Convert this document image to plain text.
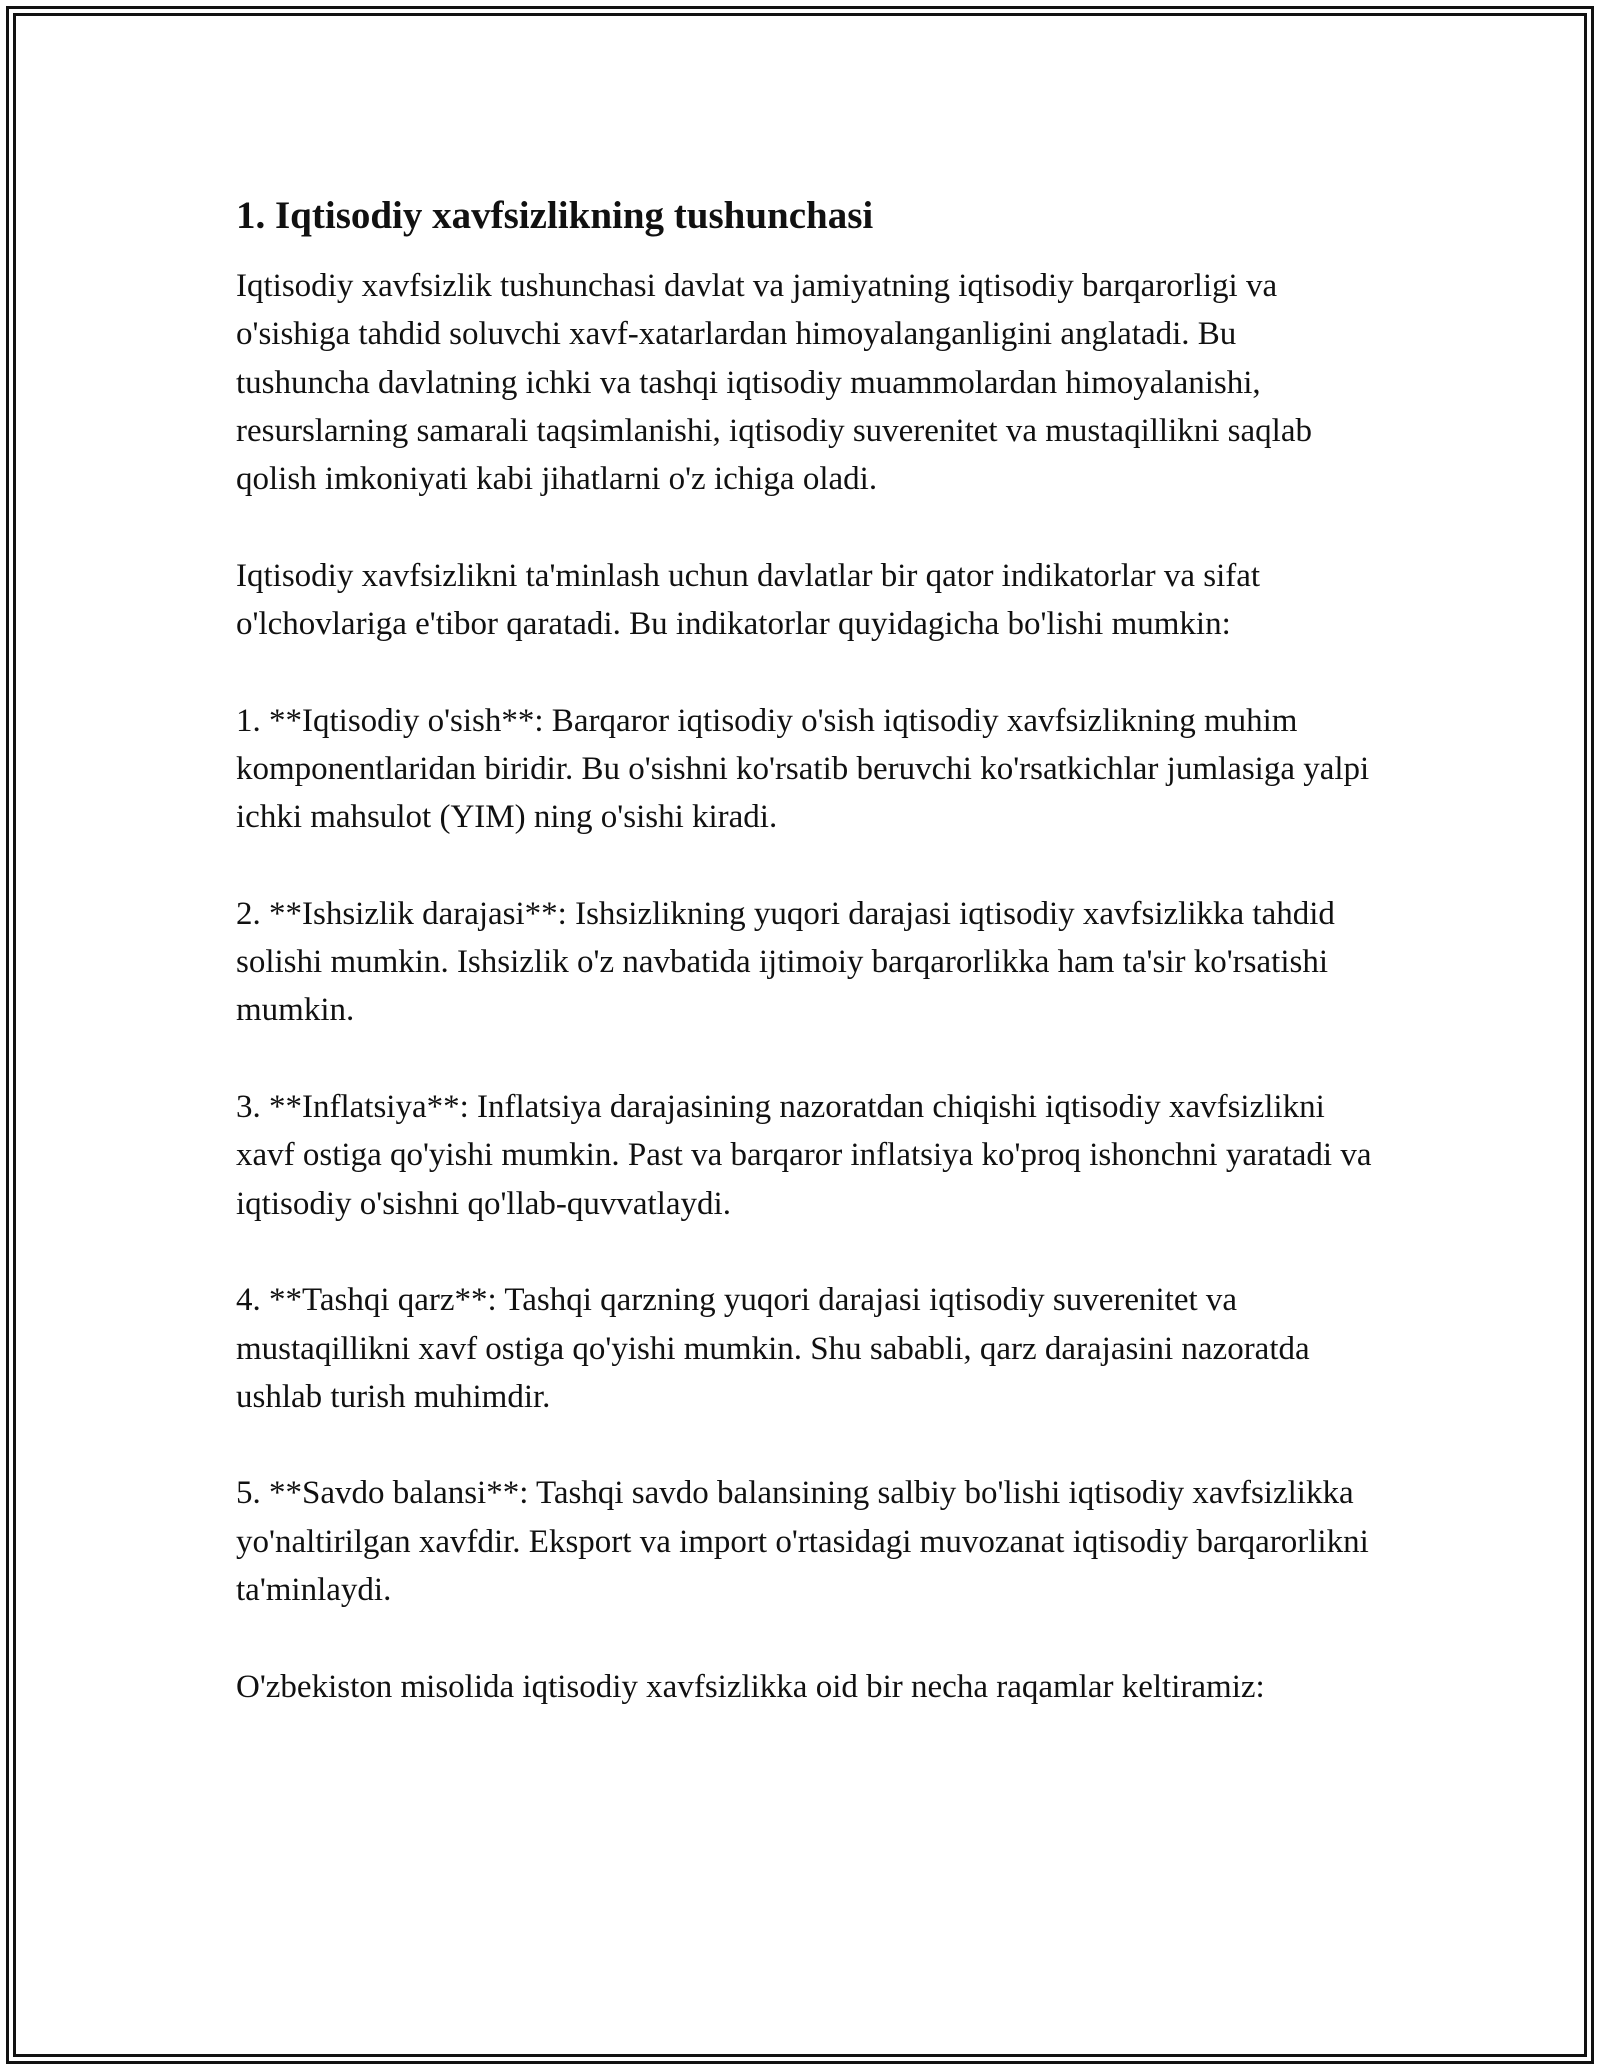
1. Iqtisodiy xavfsizlikning tushunchasi

Iqtisodiy xavfsizlik tushunchasi davlat va jamiyatning iqtisodiy barqarorligi va o'sishiga tahdid soluvchi xavf-xatarlardan himoyalanganligini anglatadi. Bu tushuncha davlatning ichki va tashqi iqtisodiy muammolardan himoyalanishi, resurslarning samarali taqsimlanishi, iqtisodiy suverenitet va mustaqillikni saqlab qolish imkoniyati kabi jihatlarni o'z ichiga oladi.

Iqtisodiy xavfsizlikni ta'minlash uchun davlatlar bir qator indikatorlar va sifat o'lchovlariga e'tibor qaratadi. Bu indikatorlar quyidagicha bo'lishi mumkin:

1. **Iqtisodiy o'sish**: Barqaror iqtisodiy o'sish iqtisodiy xavfsizlikning muhim komponentlaridan biridir. Bu o'sishni ko'rsatib beruvchi ko'rsatkichlar jumlasiga yalpi ichki mahsulot (YIM) ning o'sishi kiradi.

2. **Ishsizlik darajasi**: Ishsizlikning yuqori darajasi iqtisodiy xavfsizlikka tahdid solishi mumkin. Ishsizlik o'z navbatida ijtimoiy barqarorlikka ham ta'sir ko'rsatishi mumkin.

3. **Inflatsiya**: Inflatsiya darajasining nazoratdan chiqishi iqtisodiy xavfsizlikni xavf ostiga qo'yishi mumkin. Past va barqaror inflatsiya ko'proq ishonchni yaratadi va iqtisodiy o'sishni qo'llab-quvvatlaydi.

4. **Tashqi qarz**: Tashqi qarzning yuqori darajasi iqtisodiy suverenitet va mustaqillikni xavf ostiga qo'yishi mumkin. Shu sababli, qarz darajasini nazoratda ushlab turish muhimdir.

5. **Savdo balansi**: Tashqi savdo balansining salbiy bo'lishi iqtisodiy xavfsizlikka yo'naltirilgan xavfdir. Eksport va import o'rtasidagi muvozanat iqtisodiy barqarorlikni ta'minlaydi.

O'zbekiston misolida iqtisodiy xavfsizlikka oid bir necha raqamlar keltiramiz:
